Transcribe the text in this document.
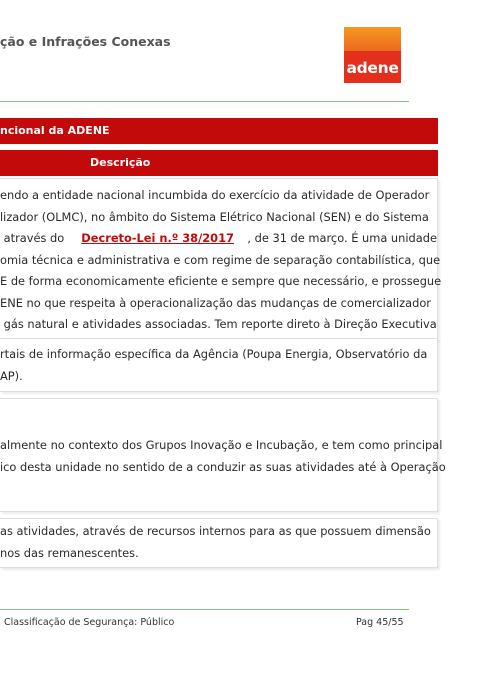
ção e Infrações Conexas
adene
ncional da ADENE
Descrição
endo a entidade nacional incumbida do exercício da atividade de Operador
lizador (OLMC), no âmbito do Sistema Elétrico Nacional (SEN) e do Sistema
através do Decreto-Lei n.º 38/2017 , de 31 de março. É uma unidade
omia técnica e administrativa e com regime de separação contabilística, que
E de forma economicamente eficiente e sempre que necessário, e prossegue
ENE no que respeita à operacionalização das mudanças de comercializador
gás natural e atividades associadas. Tem reporte direto à Direção Executiva
rtais de informação específica da Agência (Poupa Energia, Observatório da
AP).
almente no contexto dos Grupos Inovação e Incubação, e tem como principal
ico desta unidade no sentido de a conduzir as suas atividades até à Operação
as atividades, através de recursos internos para as que possuem dimensão
nos das remanescentes.
Classificação de Segurança: Público	Pag 45/55
